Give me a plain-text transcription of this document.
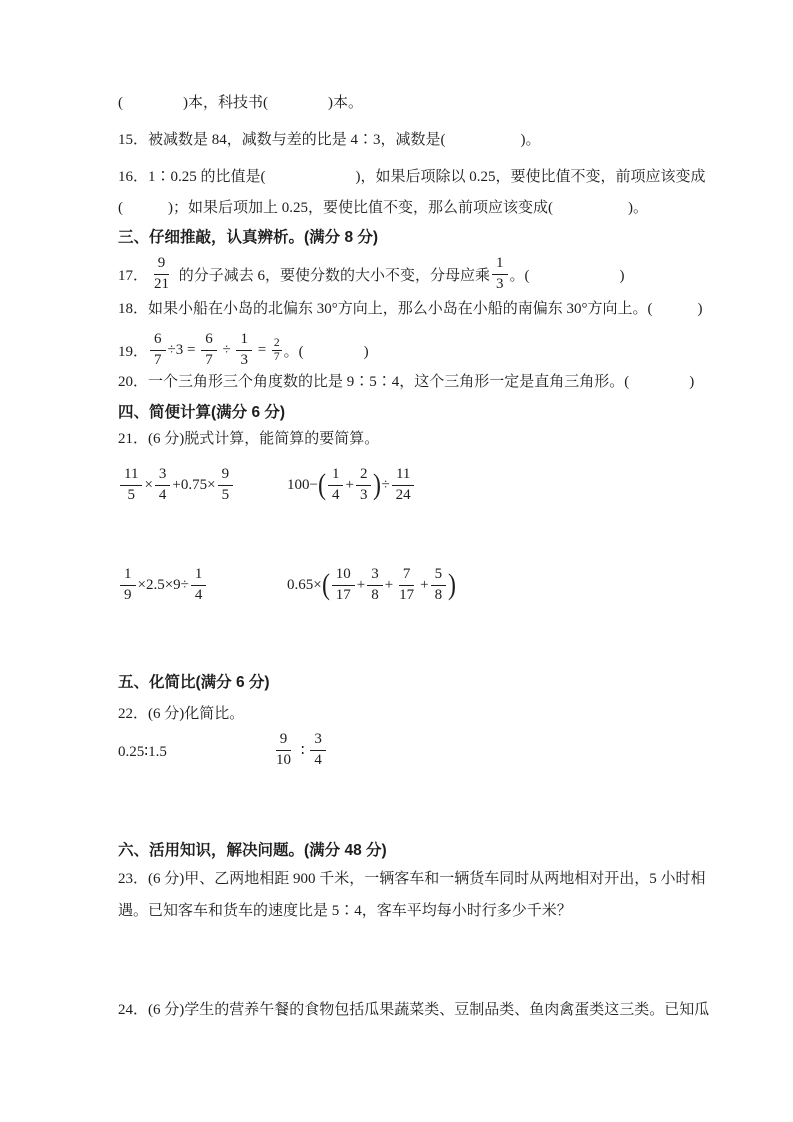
(　　　　)本，科技书(　　　　)本。
15．被减数是 84，减数与差的比是 4∶3，减数是(　　　　　)。
16．1∶0.25 的比值是(　　　　　　)，如果后项除以 0.25，要使比值不变，前项应该变成
(　　　)；如果后项加上 0.25，要使比值不变，那么前项应该变成(　　　　　)。
三、仔细推敲，认真辨析。(满分 8 分)
17． $\frac{9}{21}$ 的分子减去 6，要使分数的大小不变，分母应乘 $\frac{1}{3}$ 。(　　　　　　)
18．如果小船在小岛的北偏东 30°方向上，那么小岛在小船的南偏东 30°方向上。(　　　)
19． $\frac{6}{7} \div 3 = \frac{6}{7} \div \frac{1}{3} = \frac{2}{7}$ 。(　　　　)
20．一个三角形三个角度数的比是 9∶5∶4，这个三角形一定是直角三角形。(　　　　)
四、简便计算(满分 6 分)
21．(6 分)脱式计算，能简算的要简算。
$\frac{11}{5} \times \frac{3}{4} +0.75\times \frac{9}{5}$	100− ( $\frac{1}{4} + \frac{2}{3}$ ) ÷ $\frac{11}{24}$
$\frac{1}{9} \times 2.5\times 9\div \frac{1}{4}$	0.65× ( $\frac{10}{17} + \frac{3}{8} + \frac{7}{17} + \frac{5}{8}$ )
五、化简比(满分 6 分)
22．(6 分)化简比。
0.25∶1.5	$\frac{9}{10}$ ∶ $\frac{3}{4}$
六、活用知识，解决问题。(满分 48 分)
23．(6 分)甲、乙两地相距 900 千米，一辆客车和一辆货车同时从两地相对开出，5 小时相
遇。已知客车和货车的速度比是 5∶4，客车平均每小时行多少千米？
24．(6 分)学生的营养午餐的食物包括瓜果蔬菜类、豆制品类、鱼肉禽蛋类这三类。已知瓜
